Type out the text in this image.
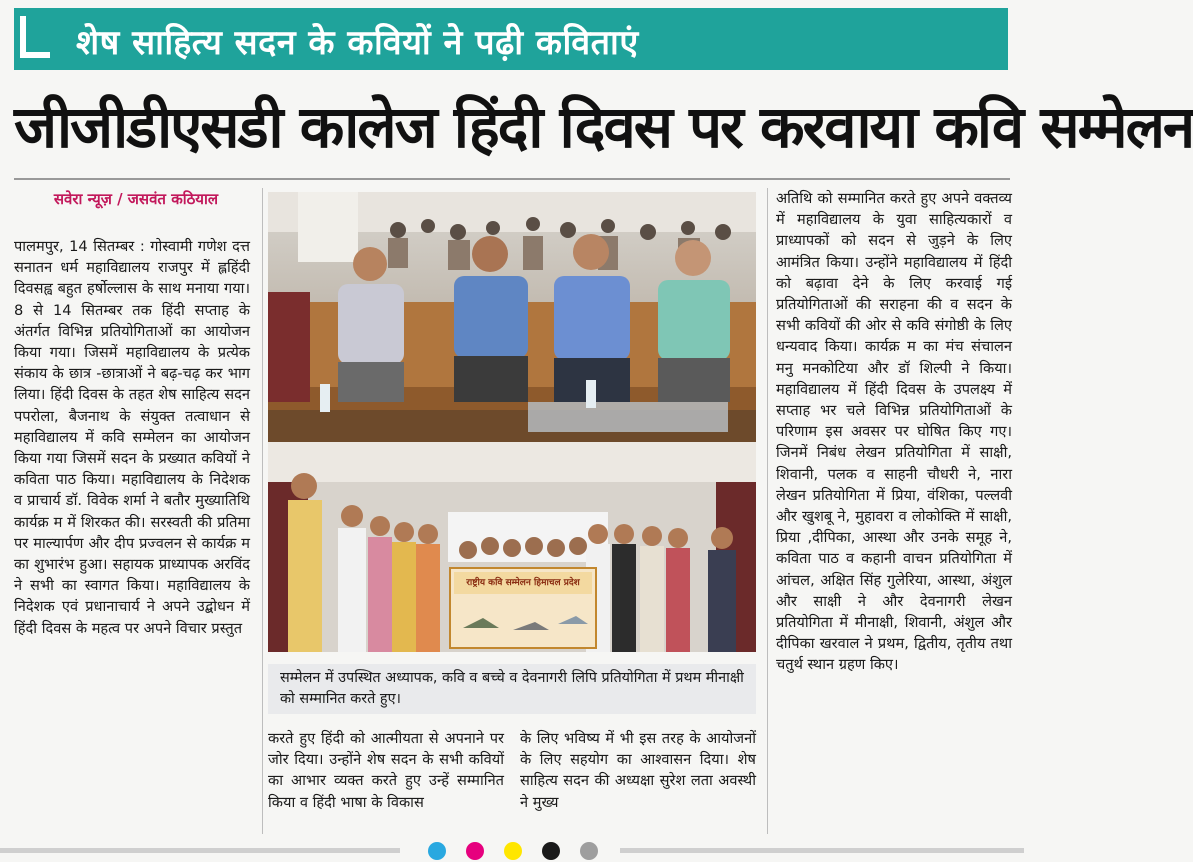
शेष साहित्य सदन के कवियों ने पढ़ी कविताएं
जीजीडीएसडी कालेज हिंदी दिवस पर करवाया कवि सम्मेलन
सवेरा न्यूज़ / जसवंत कठियाल
पालमपुर, 14 सितम्बर : गोस्वामी गणेश दत्त सनातन धर्म महाविद्यालय राजपुर में ह्लहिंदी दिवसह्व बहुत हर्षोल्लास के साथ मनाया गया। 8 से 14 सितम्बर तक हिंदी सप्ताह के अंतर्गत विभिन्न प्रतियोगिताओं का आयोजन किया गया। जिसमें महाविद्यालय के प्रत्येक संकाय के छात्र -छात्राओं ने बढ़-चढ़ कर भाग लिया। हिंदी दिवस के तहत शेष साहित्य सदन पपरोला, बैजनाथ के संयुक्त तत्वाधान से महाविद्यालय में कवि सम्मेलन का आयोजन किया गया जिसमें सदन के प्रख्यात कवियों ने कविता पाठ किया। महाविद्यालय के निदेशक व प्राचार्य डॉ. विवेक शर्मा ने बतौर मुख्यातिथि कार्यक्र म में शिरकत की। सरस्वती की प्रतिमा पर माल्यार्पण और दीप प्रज्वलन से कार्यक्र म का शुभारंभ हुआ। सहायक प्राध्यापक अरविंद ने सभी का स्वागत किया। महाविद्यालय के निदेशक एवं प्रधानाचार्य ने अपने उद्बोधन में हिंदी दिवस के महत्व पर अपने विचार प्रस्तुत
राष्ट्रीय कवि सम्मेलन हिमाचल प्रदेश
सम्मेलन में उपस्थित अध्यापक, कवि व बच्चे व देवनागरी लिपि प्रतियोगिता में प्रथम मीनाक्षी को सम्मानित करते हुए।
करते हुए हिंदी को आत्मीयता से अपनाने पर जोर दिया। उन्होंने शेष सदन के सभी कवियों का आभार व्यक्त करते हुए उन्हें सम्मानित किया व हिंदी भाषा के विकास
के लिए भविष्य में भी इस तरह के आयोजनों के लिए सहयोग का आश्वासन दिया। शेष साहित्य सदन की अध्यक्षा सुरेश लता अवस्थी ने मुख्य
अतिथि को सम्मानित करते हुए अपने वक्तव्य में महाविद्यालय के युवा साहित्यकारों व प्राध्यापकों को सदन से जुड़ने के लिए आमंत्रित किया। उन्होंने महाविद्यालय में हिंदी को बढ़ावा देने के लिए करवाई गई प्रतियोगिताओं की सराहना की व सदन के सभी कवियों की ओर से कवि संगोष्ठी के लिए धन्यवाद किया। कार्यक्र म का मंच संचालन मनु मनकोटिया और डॉ शिल्पी ने किया। महाविद्यालय में हिंदी दिवस के उपलक्ष्य में सप्ताह भर चले विभिन्न प्रतियोगिताओं के परिणाम इस अवसर पर घोषित किए गए। जिनमें निबंध लेखन प्रतियोगिता में साक्षी, शिवानी, पलक व साहनी चौधरी ने, नारा लेखन प्रतियोगिता में प्रिया, वंशिका, पल्लवी और खुशबू ने, मुहावरा व लोकोक्ति में साक्षी, प्रिया ,दीपिका, आस्था और उनके समूह ने, कविता पाठ व कहानी वाचन प्रतियोगिता में आंचल, अक्षित सिंह गुलेरिया, आस्था, अंशुल और साक्षी ने और देवनागरी लेखन प्रतियोगिता में मीनाक्षी, शिवानी, अंशुल और दीपिका खरवाल ने प्रथम, द्वितीय, तृतीय तथा चतुर्थ स्थान ग्रहण किए।
